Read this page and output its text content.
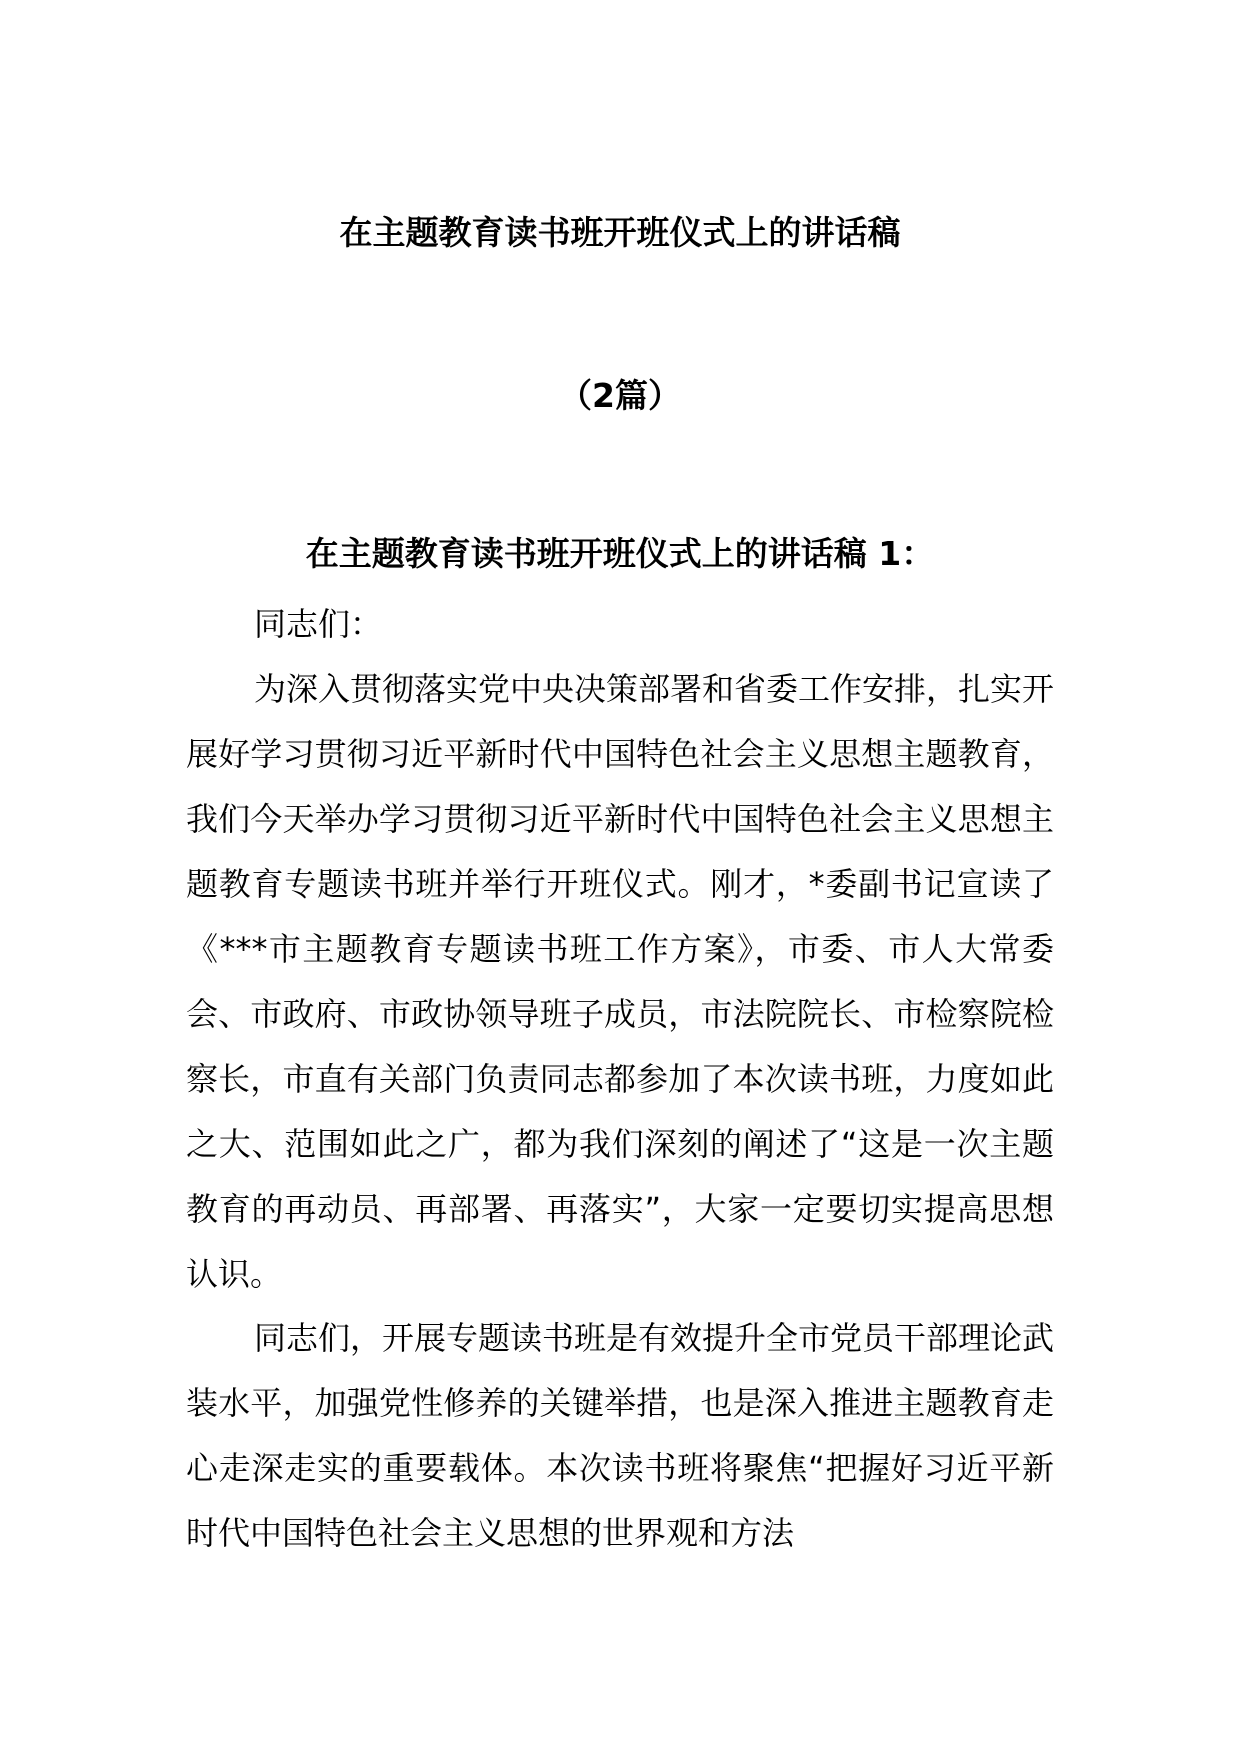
在主题教育读书班开班仪式上的讲话稿
（2篇）
在主题教育读书班开班仪式上的讲话稿 1：

同志们：

为深入贯彻落实党中央决策部署和省委工作安排，扎实开展好学习贯彻习近平新时代中国特色社会主义思想主题教育，我们今天举办学习贯彻习近平新时代中国特色社会主义思想主题教育专题读书班并举行开班仪式。刚才，*委副书记宣读了《***市主题教育专题读书班工作方案》，市委、市人大常委会、市政府、市政协领导班子成员，市法院院长、市检察院检察长，市直有关部门负责同志都参加了本次读书班，力度如此之大、范围如此之广，都为我们深刻的阐述了“这是一次主题教育的再动员、再部署、再落实”，大家一定要切实提高思想认识。

同志们，开展专题读书班是有效提升全市党员干部理论武装水平，加强党性修养的关键举措，也是深入推进主题教育走心走深走实的重要载体。本次读书班将聚焦“把握好习近平新时代中国特色社会主义思想的世界观和方法
